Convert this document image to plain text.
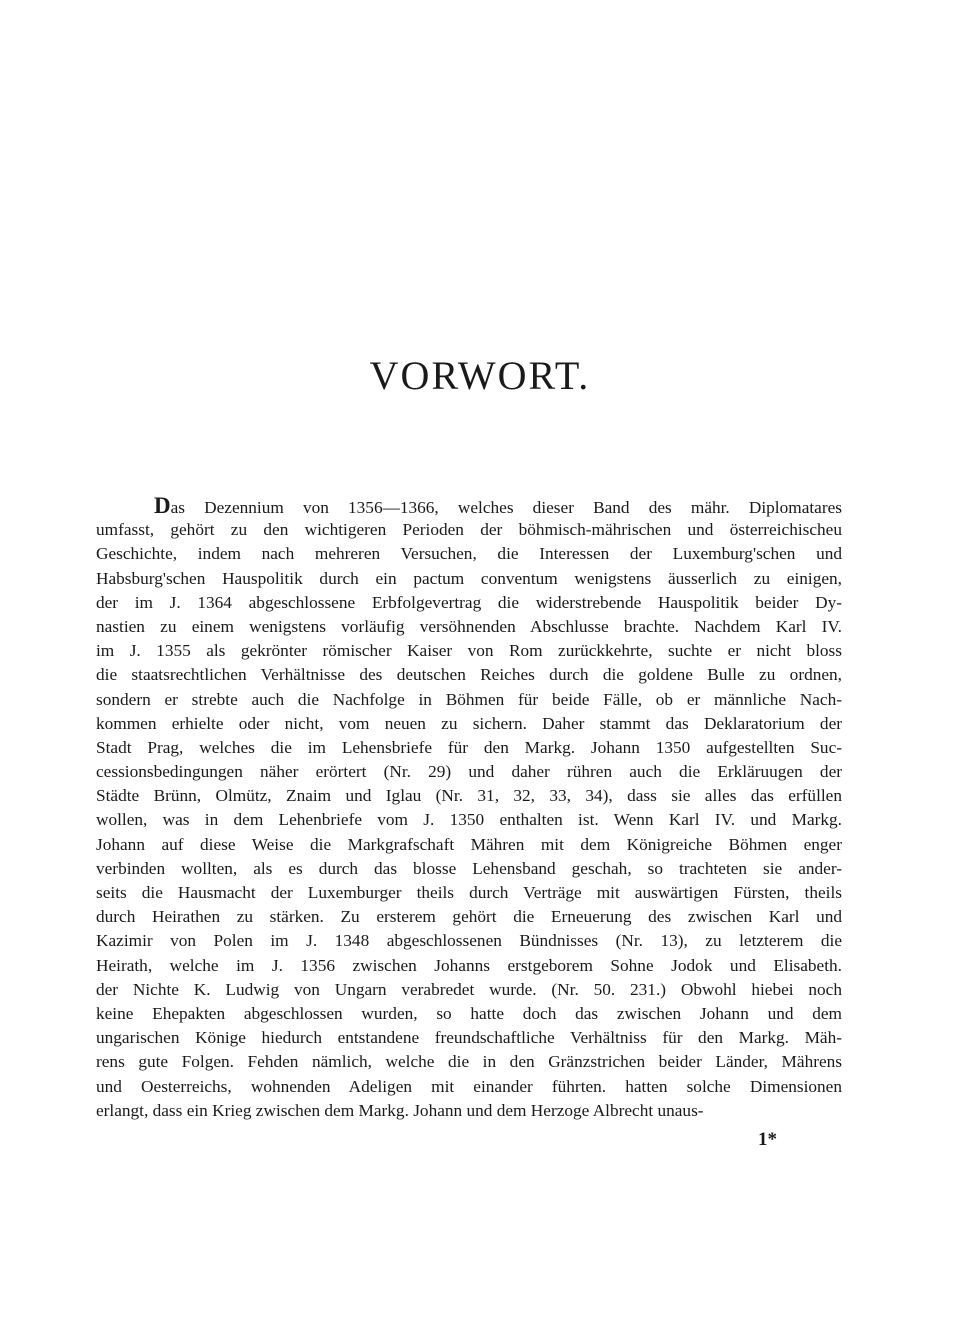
VORWORT.
Das Dezennium von 1356—1366, welches dieser Band des mähr. Diplomatares
umfasst, gehört zu den wichtigeren Perioden der böhmisch-mährischen und österreichischeu
Geschichte, indem nach mehreren Versuchen, die Interessen der Luxemburg'schen und
Habsburg'schen Hauspolitik durch ein pactum conventum wenigstens äusserlich zu einigen,
der im J. 1364 abgeschlossene Erbfolgevertrag die widerstrebende Hauspolitik beider Dy-
nastien zu einem wenigstens vorläufig versöhnenden Abschlusse brachte. Nachdem Karl IV.
im J. 1355 als gekrönter römischer Kaiser von Rom zurückkehrte, suchte er nicht bloss
die staatsrechtlichen Verhältnisse des deutschen Reiches durch die goldene Bulle zu ordnen,
sondern er strebte auch die Nachfolge in Böhmen für beide Fälle, ob er männliche Nach-
kommen erhielte oder nicht, vom neuen zu sichern. Daher stammt das Deklaratorium der
Stadt Prag, welches die im Lehensbriefe für den Markg. Johann 1350 aufgestellten Suc-
cessionsbedingungen näher erörtert (Nr. 29) und daher rühren auch die Erkläruugen der
Städte Brünn, Olmütz, Znaim und Iglau (Nr. 31, 32, 33, 34), dass sie alles das erfüllen
wollen, was in dem Lehenbriefe vom J. 1350 enthalten ist. Wenn Karl IV. und Markg.
Johann auf diese Weise die Markgrafschaft Mähren mit dem Königreiche Böhmen enger
verbinden wollten, als es durch das blosse Lehensband geschah, so trachteten sie ander-
seits die Hausmacht der Luxemburger theils durch Verträge mit auswärtigen Fürsten, theils
durch Heirathen zu stärken. Zu ersterem gehört die Erneuerung des zwischen Karl und
Kazimir von Polen im J. 1348 abgeschlossenen Bündnisses (Nr. 13), zu letzterem die
Heirath, welche im J. 1356 zwischen Johanns erstgeborem Sohne Jodok und Elisabeth.
der Nichte K. Ludwig von Ungarn verabredet wurde. (Nr. 50. 231.) Obwohl hiebei noch
keine Ehepakten abgeschlossen wurden, so hatte doch das zwischen Johann und dem
ungarischen Könige hiedurch entstandene freundschaftliche Verhältniss für den Markg. Mäh-
rens gute Folgen. Fehden nämlich, welche die in den Gränzstrichen beider Länder, Mährens
und Oesterreichs, wohnenden Adeligen mit einander führten. hatten solche Dimensionen
erlangt, dass ein Krieg zwischen dem Markg. Johann und dem Herzoge Albrecht unaus-

1*
